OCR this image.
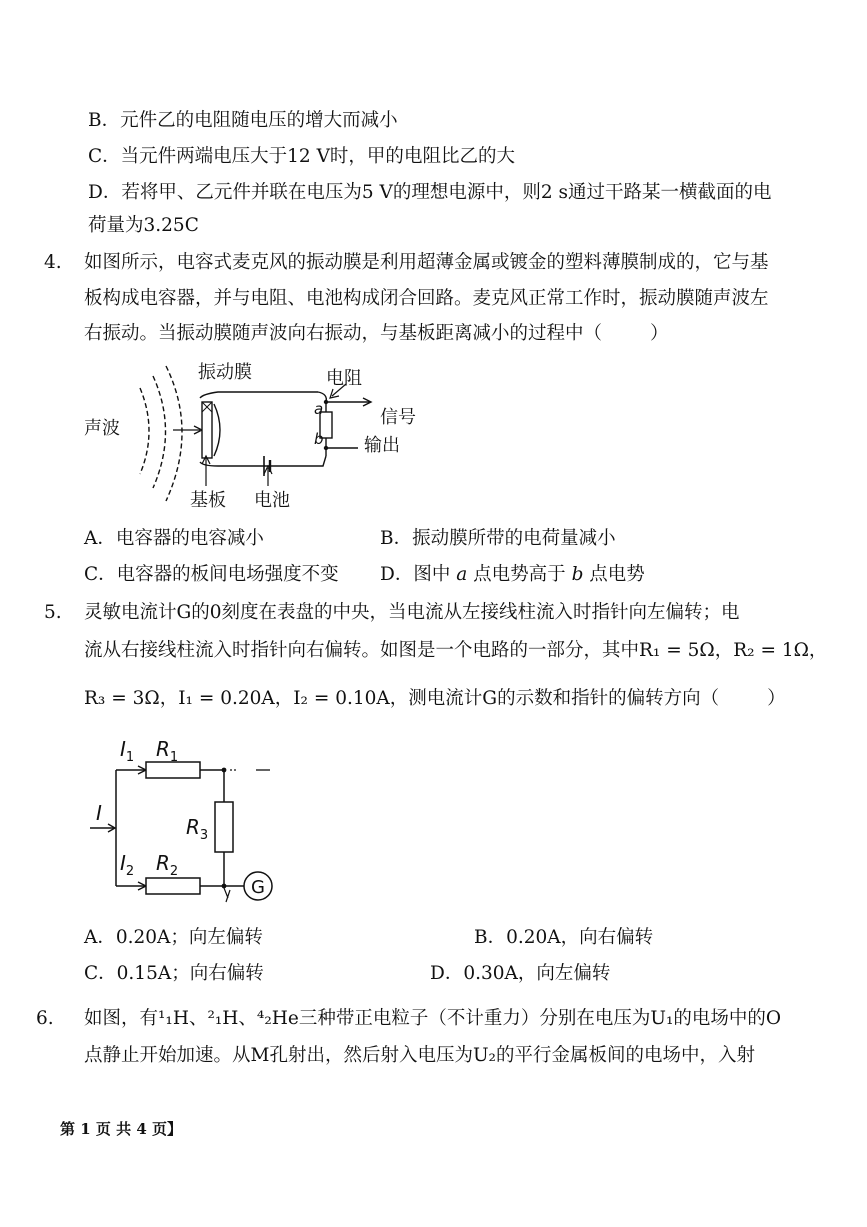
B．元件乙的电阻随电压的增大而减小
C．当元件两端电压大于12 V时，甲的电阻比乙的大
D．若将甲、乙元件并联在电压为5 V的理想电源中，则2 s通过干路某一横截面的电
荷量为3.25C
4. 如图所示，电容式麦克风的振动膜是利用超薄金属或镀金的塑料薄膜制成的，它与基
板构成电容器，并与电阻、电池构成闭合回路。麦克风正常工作时，振动膜随声波左
右振动。当振动膜随声波向右振动，与基板距离减小的过程中（	）
声波
振动膜	电阻
a
b
信号
输出
基板 电池
A．电容器的电容减小	B．振动膜所带的电荷量减小
C．电容器的板间电场强度不变 D．图中 a 点电势高于 b 点电势
5. 灵敏电流计G的0刻度在表盘的中央，当电流从左接线柱流入时指针向左偏转；电
流从右接线柱流入时指针向右偏转。如图是一个电路的一部分，其中R₁ = 5Ω，R₂ = 1Ω，
R₃ = 3Ω，I₁ = 0.20A，I₂ = 0.10A，测电流计G的示数和指针的偏转方向（	）
I
G
$I_1$ $R_1$
$R_3$
$I_2$ $R_2$
A．0.20A；向左偏转	B．0.20A，向右偏转
C．0.15A；向右偏转	D．0.30A，向左偏转
6. 如图，有¹₁H、²₁H、⁴₂He三种带正电粒子（不计重力）分别在电压为U₁的电场中的O
点静止开始加速。从M孔射出，然后射入电压为U₂的平行金属板间的电场中，入射
第 1 页 共 4 页】
